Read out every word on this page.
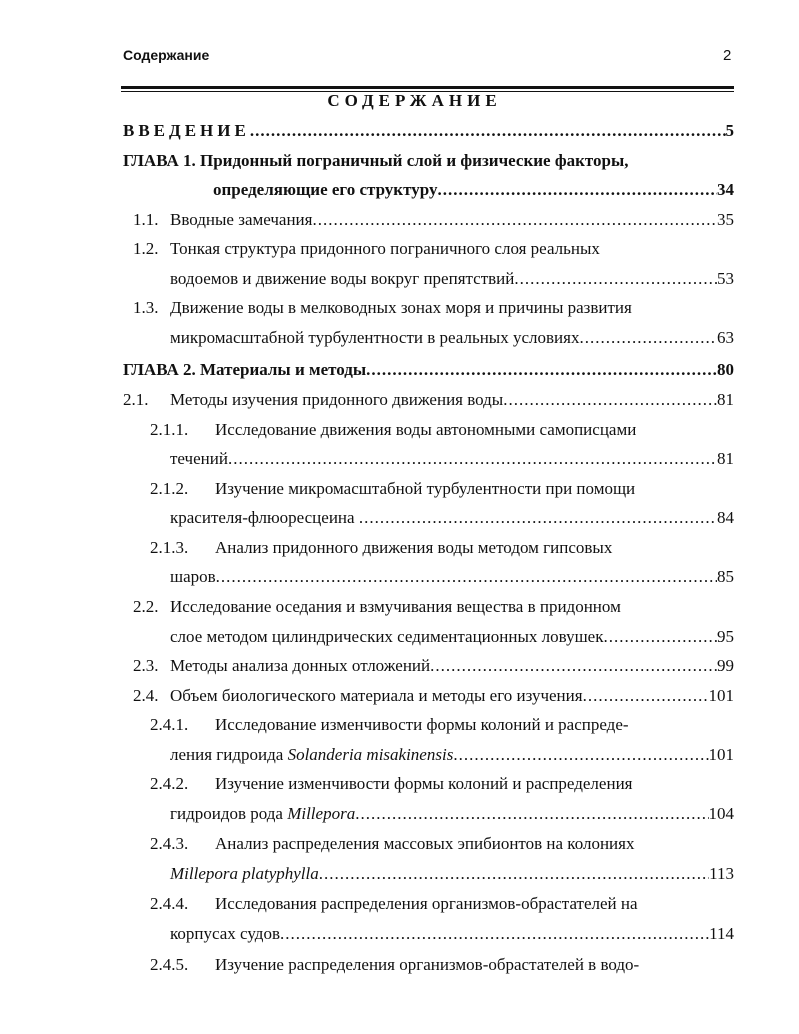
Содержание	2
СОДЕРЖАНИЕ
ВВЕДЕНИЕ .....	5
ГЛАВА 1. Придонный пограничный слой и физические факторы,
определяющие его структуру .....	34
1.1. Вводные замечания .....	35
1.2. Тонкая структура придонного пограничного слоя реальных
водоемов и движение воды вокруг препятствий .....	53
1.3. Движение воды в мелководных зонах моря и причины развития
микромасштабной турбулентности в реальных условиях .....	63
ГЛАВА 2. Материалы и методы .....	80
2.1. Методы изучения придонного движения воды .....	81
2.1.1. Исследование движения воды автономными самописцами
течений .....	81
2.1.2. Изучение микромасштабной турбулентности при помощи
красителя-флюоресцеина .....	84
2.1.3. Анализ придонного движения воды методом гипсовых
шаров .....	85
2.2. Исследование оседания и взмучивания вещества в придонном
слое методом цилиндрических седиментационных ловушек .....	95
2.3. Методы анализа донных отложений .....	99
2.4. Объем биологического материала и методы его изучения .....	101
2.4.1. Исследование изменчивости формы колоний и распреде-
ления гидроида Solanderia misakinensis .....	101
2.4.2. Изучение изменчивости формы колоний и распределения
гидроидов рода Millepora .....	104
2.4.3. Анализ распределения массовых эпибионтов на колониях
Millepora platyphylla .....	113
2.4.4. Исследования распределения организмов-обрастателей на
корпусах судов .....	114
2.4.5. Изучение распределения организмов-обрастателей в водо-
